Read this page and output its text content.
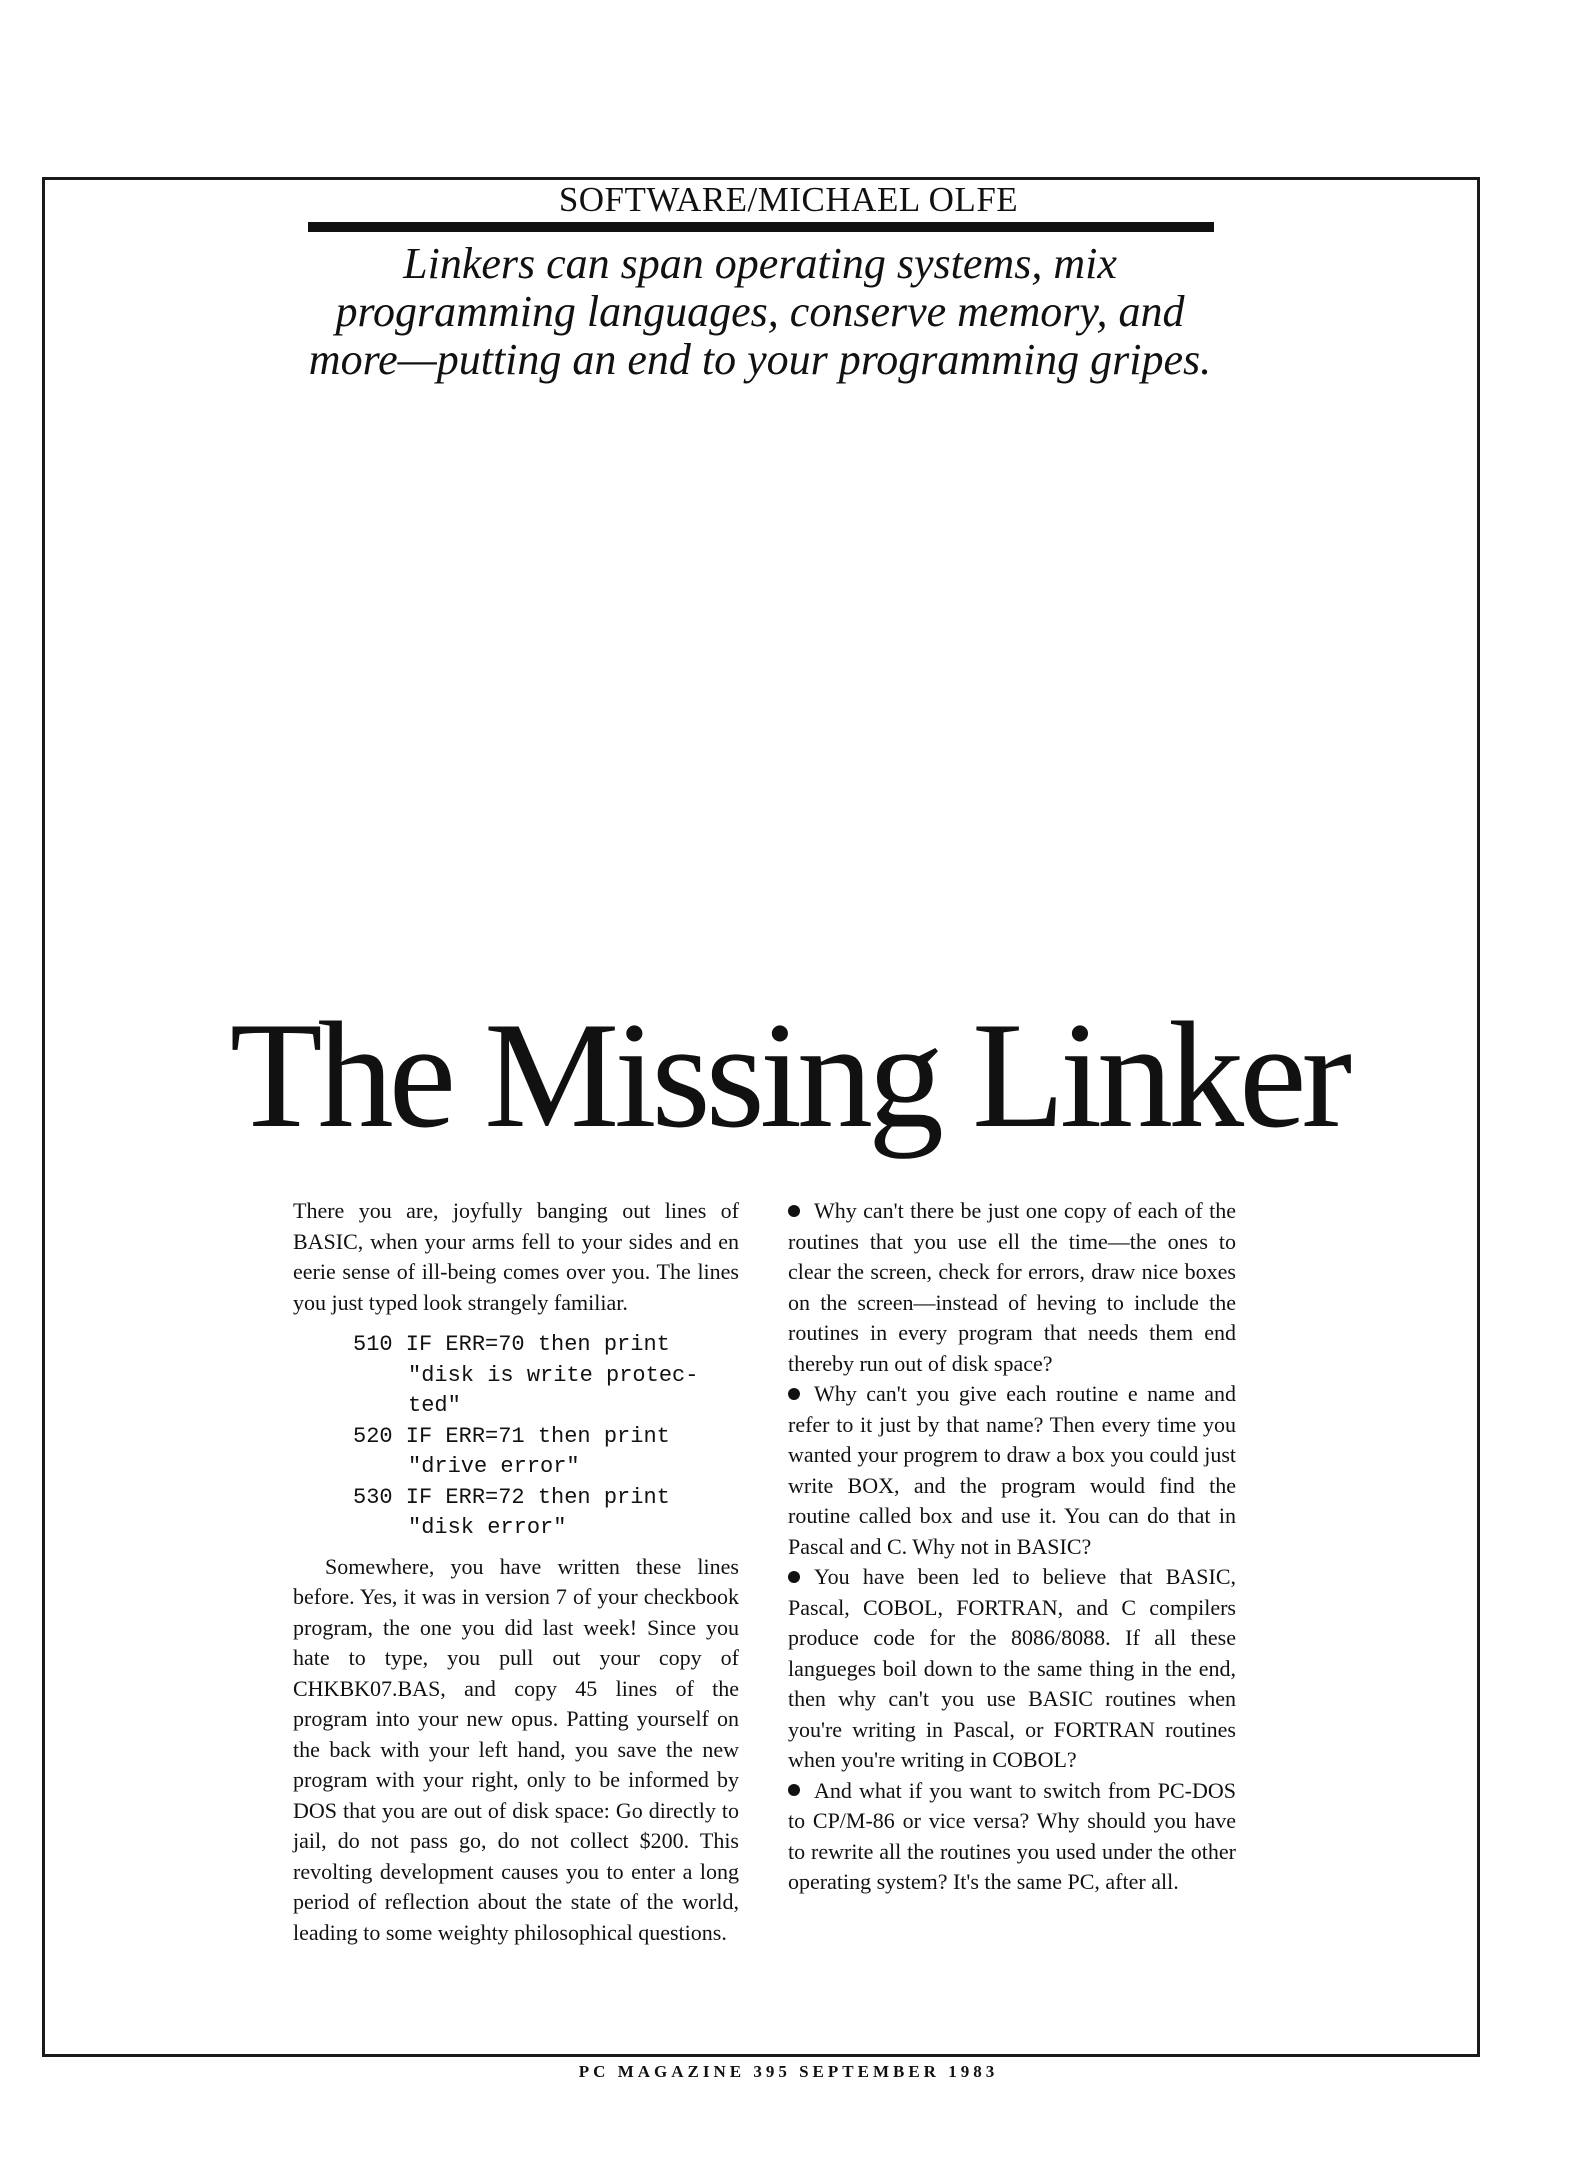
SOFTWARE/MICHAEL OLFE
Linkers can span operating systems, mix
programming languages, conserve memory, and
more—putting an end to your programming gripes.
The Missing Linker

There you are, joyfully banging out lines of BASIC, when your arms fell to your sides and en eerie sense of ill-being comes over you. The lines you just typed look strangely familiar.

510 IF ERR=70 then print
"disk is write protec-
ted"
520 IF ERR=71 then print
"drive error"
530 IF ERR=72 then print
"disk error"

Somewhere, you have written these lines before. Yes, it was in version 7 of your checkbook program, the one you did last week! Since you hate to type, you pull out your copy of CHKBK07.BAS, and copy 45 lines of the program into your new opus. Patting yourself on the back with your left hand, you save the new program with your right, only to be informed by DOS that you are out of disk space: Go directly to jail, do not pass go, do not collect $200. This revolting development causes you to enter a long period of reflection about the state of the world, leading to some weighty philosophical questions.

Why can't there be just one copy of each of the routines that you use ell the time—the ones to clear the screen, check for errors, draw nice boxes on the screen—instead of heving to include the routines in every program that needs them end thereby run out of disk space?

Why can't you give each routine e name and refer to it just by that name? Then every time you wanted your progrem to draw a box you could just write BOX, and the program would find the routine called box and use it. You can do that in Pascal and C. Why not in BASIC?

You have been led to believe that BASIC, Pascal, COBOL, FORTRAN, and C compilers produce code for the 8086/8088. If all these langueges boil down to the same thing in the end, then why can't you use BASIC routines when you're writing in Pascal, or FORTRAN routines when you're writing in COBOL?

And what if you want to switch from PC-DOS to CP/M-86 or vice versa? Why should you have to rewrite all the routines you used under the other operating system? It's the same PC, after all.

PC MAGAZINE 395 SEPTEMBER 1983
